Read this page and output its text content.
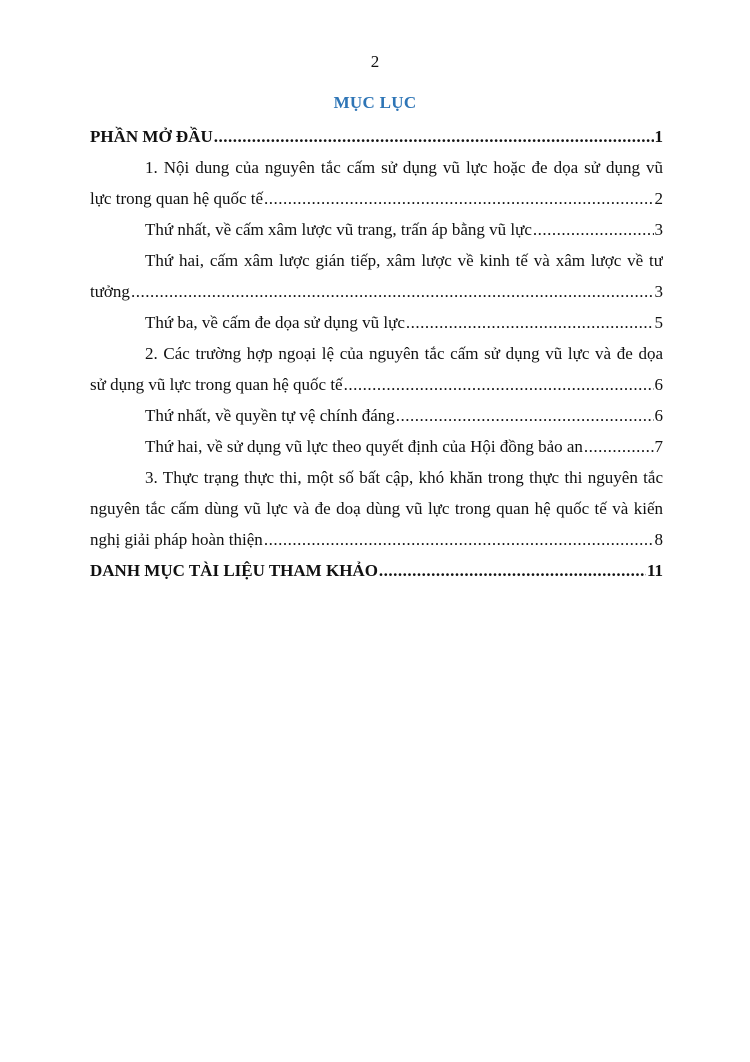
2
MỤC LỤC
PHẦN MỞ ĐẦU .....	1
1. Nội dung của nguyên tắc cấm sử dụng vũ lực hoặc đe dọa sử dụng vũ
lực trong quan hệ quốc tế .....	2
Thứ nhất, về cấm xâm lược vũ trang, trấn áp bằng vũ lực .....	3
Thứ hai, cấm xâm lược gián tiếp, xâm lược về kinh tế và xâm lược về tư
tưởng .....	3
Thứ ba, về cấm đe dọa sử dụng vũ lực .....	5
2. Các trường hợp ngoại lệ của nguyên tắc cấm sử dụng vũ lực và đe dọa
sử dụng vũ lực trong quan hệ quốc tế .....	6
Thứ nhất, về quyền tự vệ chính đáng .....	6
Thứ hai, về sử dụng vũ lực theo quyết định của Hội đồng bảo an .....	7
3. Thực trạng thực thi, một số bất cập, khó khăn trong thực thi nguyên tắc
nguyên tắc cấm dùng vũ lực và đe doạ dùng vũ lực trong quan hệ quốc tế và kiến
nghị giải pháp hoàn thiện .....	8
DANH MỤC TÀI LIỆU THAM KHẢO .....	11
